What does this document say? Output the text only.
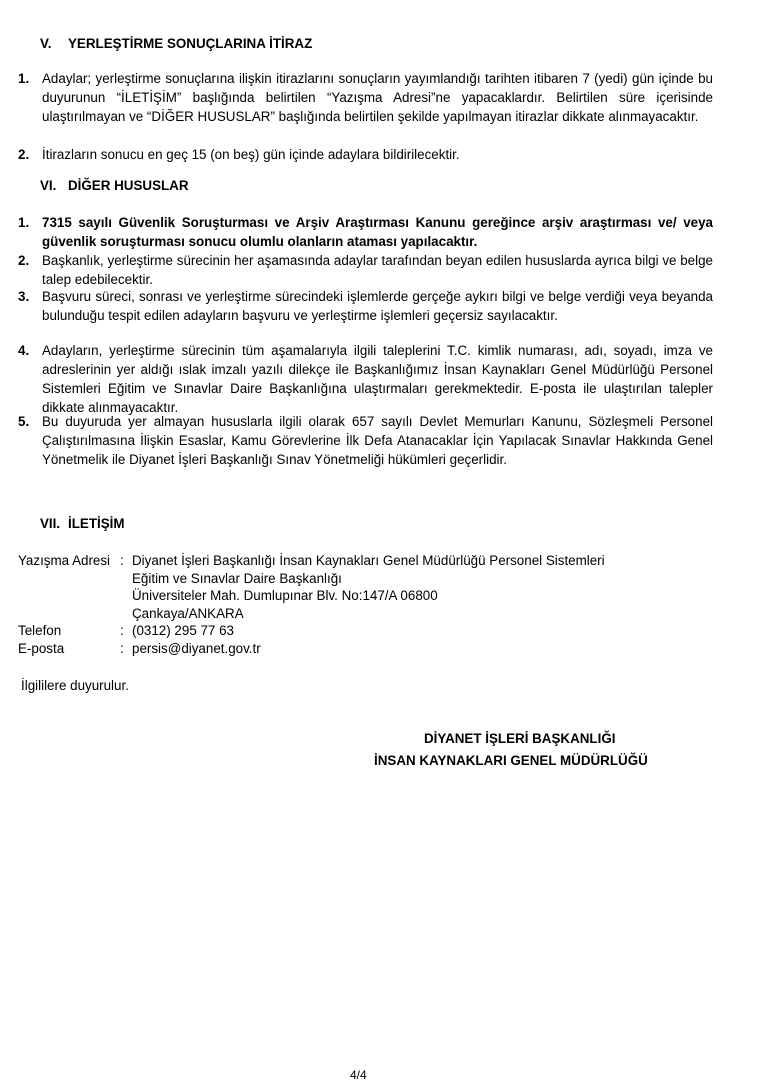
V. YERLEŞTİRME SONUÇLARINA İTİRAZ
1. Adaylar; yerleştirme sonuçlarına ilişkin itirazlarını sonuçların yayımlandığı tarihten itibaren 7 (yedi) gün içinde bu duyurunun “İLETİŞİM” başlığında belirtilen “Yazışma Adresi”ne yapacaklardır. Belirtilen süre içerisinde ulaştırılmayan ve “DİĞER HUSUSLAR” başlığında belirtilen şekilde yapılmayan itirazlar dikkate alınmayacaktır.
2. İtirazların sonucu en geç 15 (on beş) gün içinde adaylara bildirilecektir.
VI. DİĞER HUSUSLAR
1. 7315 sayılı Güvenlik Soruşturması ve Arşiv Araştırması Kanunu gereğince arşiv araştırması ve/ veya güvenlik soruşturması sonucu olumlu olanların ataması yapılacaktır.
2. Başkanlık, yerleştirme sürecinin her aşamasında adaylar tarafından beyan edilen hususlarda ayrıca bilgi ve belge talep edebilecektir.
3. Başvuru süreci, sonrası ve yerleştirme sürecindeki işlemlerde gerçeğe aykırı bilgi ve belge verdiği veya beyanda bulunduğu tespit edilen adayların başvuru ve yerleştirme işlemleri geçersiz sayılacaktır.
4. Adayların, yerleştirme sürecinin tüm aşamalarıyla ilgili taleplerini T.C. kimlik numarası, adı, soyadı, imza ve adreslerinin yer aldığı ıslak imzalı yazılı dilekçe ile Başkanlığımız İnsan Kaynakları Genel Müdürlüğü Personel Sistemleri Eğitim ve Sınavlar Daire Başkanlığına ulaştırmaları gerekmektedir. E-posta ile ulaştırılan talepler dikkate alınmayacaktır.
5. Bu duyuruda yer almayan hususlarla ilgili olarak 657 sayılı Devlet Memurları Kanunu, Sözleşmeli Personel Çalıştırılmasına İlişkin Esaslar, Kamu Görevlerine İlk Defa Atanacaklar İçin Yapılacak Sınavlar Hakkında Genel Yönetmelik ile Diyanet İşleri Başkanlığı Sınav Yönetmeliği hükümleri geçerlidir.
VII. İLETİŞİM
Yazışma Adresi : Diyanet İşleri Başkanlığı İnsan Kaynakları Genel Müdürlüğü Personel Sistemleri
Eğitim ve Sınavlar Daire Başkanlığı
Üniversiteler Mah. Dumlupınar Blv. No:147/A 06800
Çankaya/ANKARA
Telefon	: (0312) 295 77 63
E-posta	: persis@diyanet.gov.tr
İlgililere duyurulur.
DİYANET İŞLERİ BAŞKANLIĞI
İNSAN KAYNAKLARI GENEL MÜDÜRLÜĞÜ
4/4
